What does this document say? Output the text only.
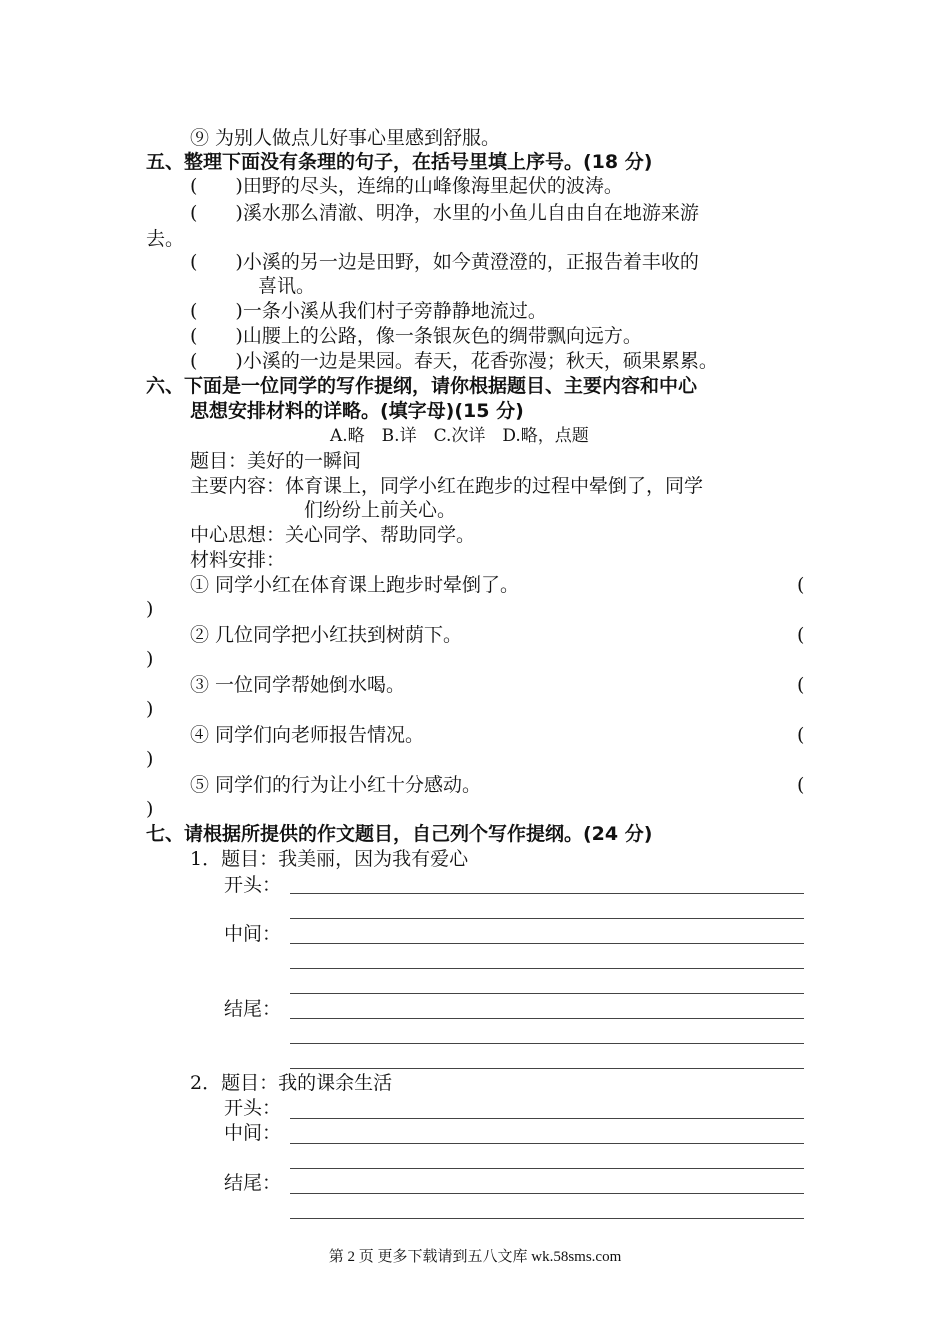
⑨ 为别人做点儿好事心里感到舒服。
五、整理下面没有条理的句子，在括号里填上序号。(18 分)
(　　)田野的尽头，连绵的山峰像海里起伏的波涛。
(　　)溪水那么清澈、明净，水里的小鱼儿自由自在地游来游
去。
(　　)小溪的另一边是田野，如今黄澄澄的，正报告着丰收的
喜讯。
(　　)一条小溪从我们村子旁静静地流过。
(　　)山腰上的公路，像一条银灰色的绸带飘向远方。
(　　)小溪的一边是果园。春天，花香弥漫；秋天，硕果累累。
六、下面是一位同学的写作提纲，请你根据题目、主要内容和中心
思想安排材料的详略。(填字母)(15 分)
A.略　B.详　C.次详　D.略，点题
题目：美好的一瞬间
主要内容：体育课上，同学小红在跑步的过程中晕倒了，同学
们纷纷上前关心。
中心思想：关心同学、帮助同学。
材料安排：
① 同学小红在体育课上跑步时晕倒了。	(
)
② 几位同学把小红扶到树荫下。	(
)
③ 一位同学帮她倒水喝。	(
)
④ 同学们向老师报告情况。	(
)
⑤ 同学们的行为让小红十分感动。	(
)
七、请根据所提供的作文题目，自己列个写作提纲。(24 分)
1．题目：我美丽，因为我有爱心
开头：
中间：
结尾：
2．题目：我的课余生活
开头：
中间：
结尾：
第 2 页 更多下载请到五八文库 wk.58sms.com
